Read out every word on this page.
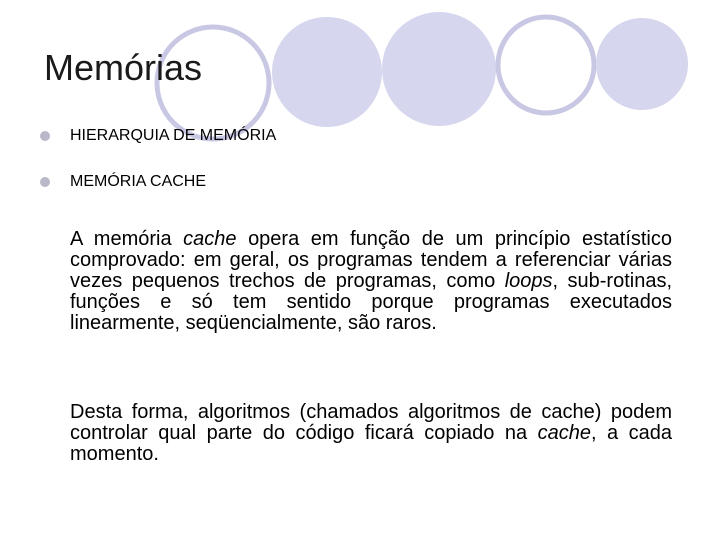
Memórias
HIERARQUIA DE MEMÓRIA
MEMÓRIA CACHE

A memória cache opera em função de um princípio estatístico comprovado: em geral, os programas tendem a referenciar várias vezes pequenos trechos de programas, como loops, sub-rotinas, funções e só tem sentido porque programas executados linearmente, seqüencialmente, são raros.

Desta forma, algoritmos (chamados algoritmos de cache) podem controlar qual parte do código ficará copiado na cache, a cada momento.
